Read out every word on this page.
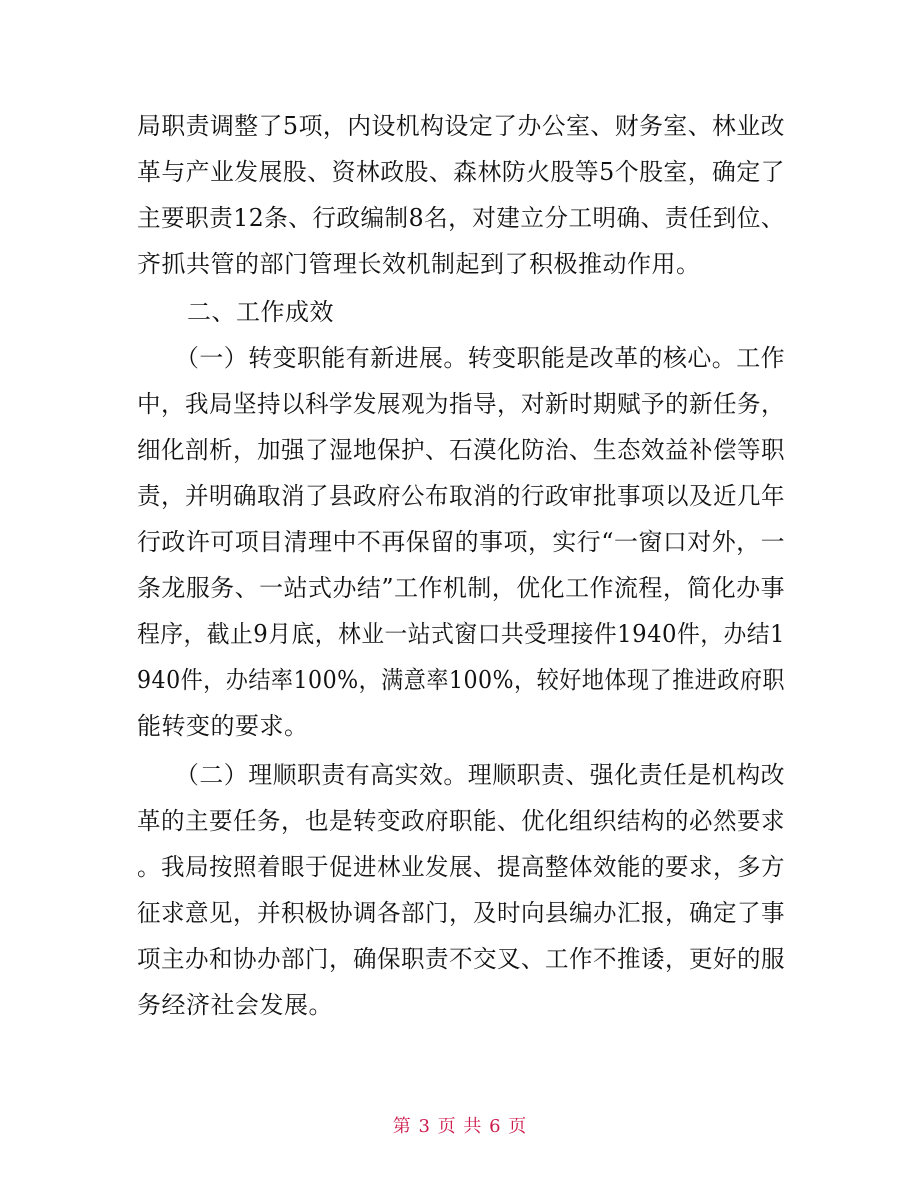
局职责调整了5项，内设机构设定了办公室、财务室、林业改
革与产业发展股、资林政股、森林防火股等5个股室，确定了
主要职责12条、行政编制8名，对建立分工明确、责任到位、
齐抓共管的部门管理长效机制起到了积极推动作用。
二、工作成效
（一）转变职能有新进展。转变职能是改革的核心。工作
中，我局坚持以科学发展观为指导，对新时期赋予的新任务，
细化剖析，加强了湿地保护、石漠化防治、生态效益补偿等职
责，并明确取消了县政府公布取消的行政审批事项以及近几年
行政许可项目清理中不再保留的事项，实行“一窗口对外，一
条龙服务、一站式办结”工作机制，优化工作流程，简化办事
程序，截止9月底，林业一站式窗口共受理接件1940件，办结1
940件，办结率100%，满意率100%，较好地体现了推进政府职
能转变的要求。
（二）理顺职责有高实效。理顺职责、强化责任是机构改
革的主要任务，也是转变政府职能、优化组织结构的必然要求
。我局按照着眼于促进林业发展、提高整体效能的要求，多方
征求意见，并积极协调各部门，及时向县编办汇报，确定了事
项主办和协办部门，确保职责不交叉、工作不推诿，更好的服
务经济社会发展。
第 3 页 共 6 页
